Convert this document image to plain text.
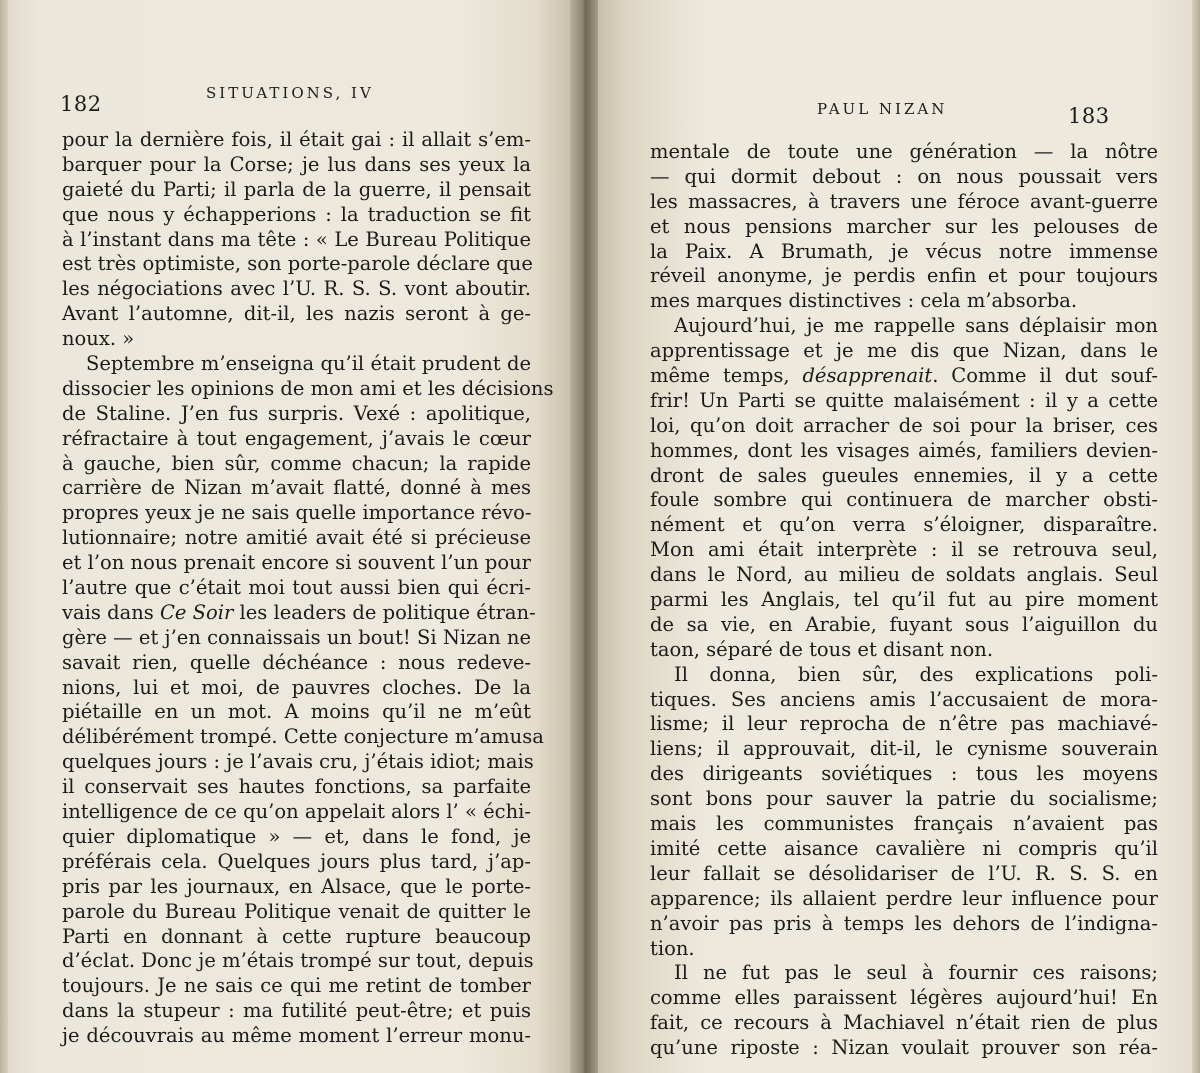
182	SITUATIONS, IV
pour la dernière fois, il était gai : il allait s’em-
barquer pour la Corse; je lus dans ses yeux la
gaieté du Parti; il parla de la guerre, il pensait
que nous y échapperions : la traduction se fit
à l’instant dans ma tête : « Le Bureau Politique
est très optimiste, son porte-parole déclare que
les négociations avec l’U. R. S. S. vont aboutir.
Avant l’automne, dit-il, les nazis seront à ge-
noux. »
Septembre m’enseigna qu’il était prudent de
dissocier les opinions de mon ami et les décisions
de Staline. J’en fus surpris. Vexé : apolitique,
réfractaire à tout engagement, j’avais le cœur
à gauche, bien sûr, comme chacun; la rapide
carrière de Nizan m’avait flatté, donné à mes
propres yeux je ne sais quelle importance révo-
lutionnaire; notre amitié avait été si précieuse
et l’on nous prenait encore si souvent l’un pour
l’autre que c’était moi tout aussi bien qui écri-
vais dans Ce Soir les leaders de politique étran-
gère — et j’en connaissais un bout! Si Nizan ne
savait rien, quelle déchéance : nous redeve-
nions, lui et moi, de pauvres cloches. De la
piétaille en un mot. A moins qu’il ne m’eût
délibérément trompé. Cette conjecture m’amusa
quelques jours : je l’avais cru, j’étais idiot; mais
il conservait ses hautes fonctions, sa parfaite
intelligence de ce qu’on appelait alors l’ « échi-
quier diplomatique » — et, dans le fond, je
préférais cela. Quelques jours plus tard, j’ap-
pris par les journaux, en Alsace, que le porte-
parole du Bureau Politique venait de quitter le
Parti en donnant à cette rupture beaucoup
d’éclat. Donc je m’étais trompé sur tout, depuis
toujours. Je ne sais ce qui me retint de tomber
dans la stupeur : ma futilité peut-être; et puis
je découvrais au même moment l’erreur monu-
PAUL NIZAN	183
mentale de toute une génération — la nôtre
— qui dormit debout : on nous poussait vers
les massacres, à travers une féroce avant-guerre
et nous pensions marcher sur les pelouses de
la Paix. A Brumath, je vécus notre immense
réveil anonyme, je perdis enfin et pour toujours
mes marques distinctives : cela m’absorba.
Aujourd’hui, je me rappelle sans déplaisir mon
apprentissage et je me dis que Nizan, dans le
même temps, désapprenait. Comme il dut souf-
frir! Un Parti se quitte malaisément : il y a cette
loi, qu’on doit arracher de soi pour la briser, ces
hommes, dont les visages aimés, familiers devien-
dront de sales gueules ennemies, il y a cette
foule sombre qui continuera de marcher obsti-
nément et qu’on verra s’éloigner, disparaître.
Mon ami était interprète : il se retrouva seul,
dans le Nord, au milieu de soldats anglais. Seul
parmi les Anglais, tel qu’il fut au pire moment
de sa vie, en Arabie, fuyant sous l’aiguillon du
taon, séparé de tous et disant non.
Il donna, bien sûr, des explications poli-
tiques. Ses anciens amis l’accusaient de mora-
lisme; il leur reprocha de n’être pas machiavé-
liens; il approuvait, dit-il, le cynisme souverain
des dirigeants soviétiques : tous les moyens
sont bons pour sauver la patrie du socialisme;
mais les communistes français n’avaient pas
imité cette aisance cavalière ni compris qu’il
leur fallait se désolidariser de l’U. R. S. S. en
apparence; ils allaient perdre leur influence pour
n’avoir pas pris à temps les dehors de l’indigna-
tion.
Il ne fut pas le seul à fournir ces raisons;
comme elles paraissent légères aujourd’hui! En
fait, ce recours à Machiavel n’était rien de plus
qu’une riposte : Nizan voulait prouver son réa-
